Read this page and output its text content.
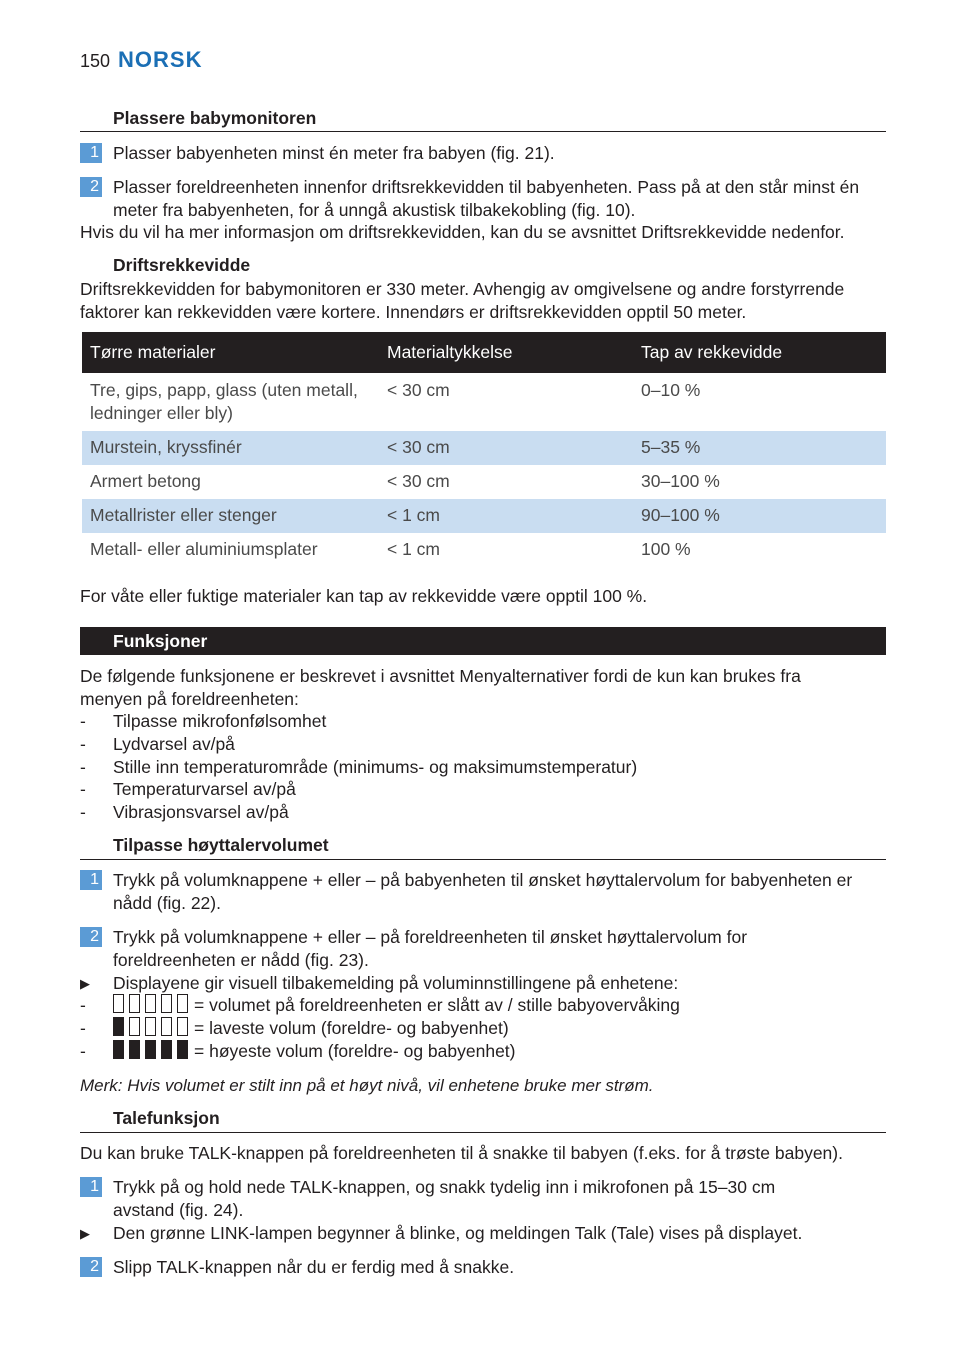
150 NORSK
Plassere babymonitoren
1 Plasser babyenheten minst én meter fra babyen (fig. 21).
2 Plasser foreldreenheten innenfor driftsrekkevidden til babyenheten. Pass på at den står minst én meter fra babyenheten, for å unngå akustisk tilbakekobling (fig. 10).
Hvis du vil ha mer informasjon om driftsrekkevidden, kan du se avsnittet Driftsrekkevidde nedenfor.
Driftsrekkevidde
Driftsrekkevidden for babymonitoren er 330 meter. Avhengig av omgivelsene og andre forstyrrende faktorer kan rekkevidden være kortere. Innendørs er driftsrekkevidden opptil 50 meter.
Tørre materialer	Materialtykkelse	Tap av rekkevidde
Tre, gips, papp, glass (uten metall, ledninger eller bly)	< 30 cm	0–10 %
Murstein, kryssfinér	< 30 cm	5–35 %
Armert betong	< 30 cm	30–100 %
Metallrister eller stenger	< 1 cm	90–100 %
Metall- eller aluminiumsplater	< 1 cm	100 %
For våte eller fuktige materialer kan tap av rekkevidde være opptil 100 %.
Funksjoner
De følgende funksjonene er beskrevet i avsnittet Menyalternativer fordi de kun kan brukes fra menyen på foreldreenheten:
-	Tilpasse mikrofonfølsomhet
-	Lydvarsel av/på
-	Stille inn temperaturområde (minimums- og maksimumstemperatur)
-	Temperaturvarsel av/på
-	Vibrasjonsvarsel av/på
Tilpasse høyttalervolumet
1 Trykk på volumknappene + eller – på babyenheten til ønsket høyttalervolum for babyenheten er nådd (fig. 22).
2 Trykk på volumknappene + eller – på foreldreenheten til ønsket høyttalervolum for foreldreenheten er nådd (fig. 23).
▶	Displayene gir visuell tilbakemelding på voluminnstillingene på enhetene:
-	= volumet på foreldreenheten er slått av / stille babyovervåking
-	= laveste volum (foreldre- og babyenhet)
-	= høyeste volum (foreldre- og babyenhet)
Merk: Hvis volumet er stilt inn på et høyt nivå, vil enhetene bruke mer strøm.
Talefunksjon
Du kan bruke TALK-knappen på foreldreenheten til å snakke til babyen (f.eks. for å trøste babyen).
1 Trykk på og hold nede TALK-knappen, og snakk tydelig inn i mikrofonen på 15–30 cm avstand (fig. 24).
▶	Den grønne LINK-lampen begynner å blinke, og meldingen Talk (Tale) vises på displayet.
2 Slipp TALK-knappen når du er ferdig med å snakke.
